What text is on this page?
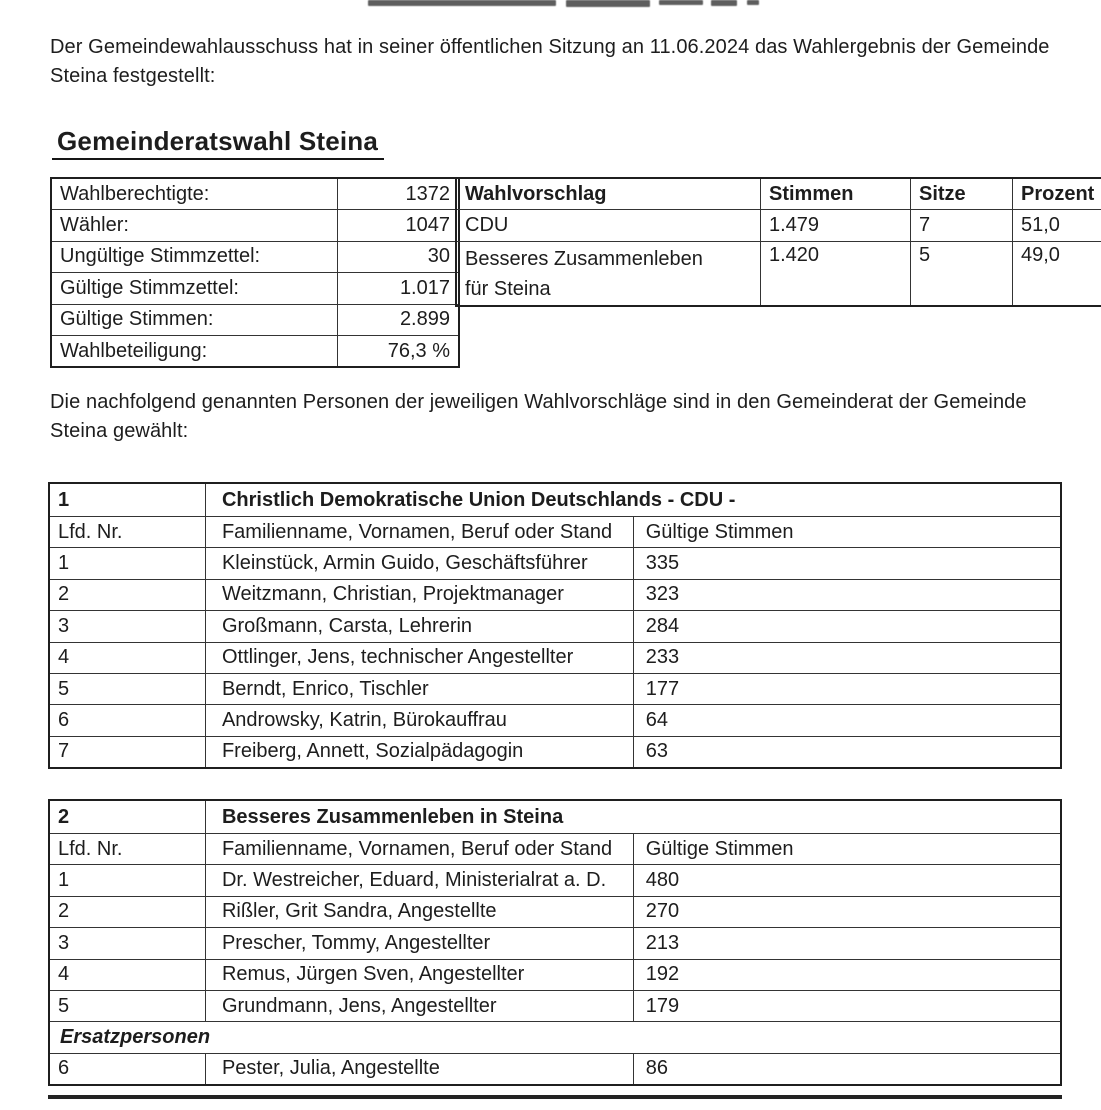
Der Gemeindewahlausschuss hat in seiner öffentlichen Sitzung an 11.06.2024 das Wahlergebnis der Gemeinde Steina festgestellt:
Gemeinderatswahl Steina
Wahlberechtigte:	1372
Wähler:	1047
Ungültige Stimmzettel:	30
Gültige Stimmzettel:	1.017
Gültige Stimmen:	2.899
Wahlbeteiligung:	76,3 %
Wahlvorschlag	Stimmen	Sitze	Prozent
CDU	1.479	7	51,0
Besseres Zusammenleben für Steina	1.420	5	49,0
Die nachfolgend genannten Personen der jeweiligen Wahlvorschläge sind in den Gemeinderat der Gemeinde Steina gewählt:
1	Christlich Demokratische Union Deutschlands - CDU -	
Lfd. Nr.	Familienname, Vornamen, Beruf oder Stand	Gültige Stimmen
1	Kleinstück, Armin Guido, Geschäftsführer	335
2	Weitzmann, Christian, Projektmanager	323
3	Großmann, Carsta, Lehrerin	284
4	Ottlinger, Jens, technischer Angestellter	233
5	Berndt, Enrico, Tischler	177
6	Androwsky, Katrin, Bürokauffrau	64
7	Freiberg, Annett, Sozialpädagogin	63
2	Besseres Zusammenleben in Steina	
Lfd. Nr.	Familienname, Vornamen, Beruf oder Stand	Gültige Stimmen
1	Dr. Westreicher, Eduard, Ministerialrat a. D.	480
2	Rißler, Grit Sandra, Angestellte	270
3	Prescher, Tommy, Angestellter	213
4	Remus, Jürgen Sven, Angestellter	192
5	Grundmann, Jens, Angestellter	179
Ersatzpersonen		
6	Pester, Julia, Angestellte	86
